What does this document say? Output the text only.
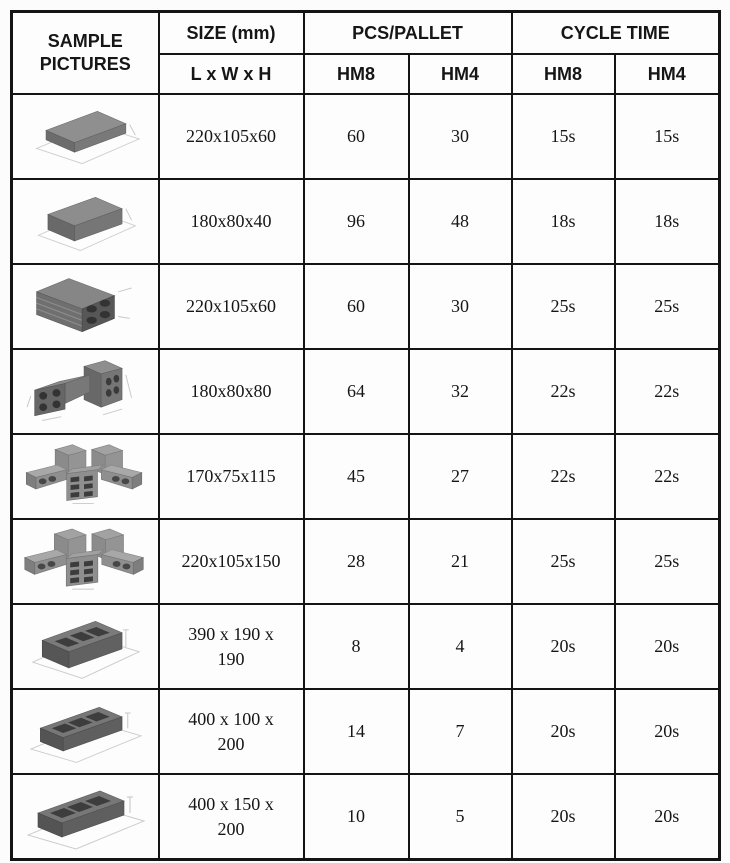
SAMPLE PICTURES	SIZE (mm)	PCS/PALLET		CYCLE TIME	
	L x W x H	HM8	HM4	HM8	HM4

	220x105x60	60	30	15s	15s

	180x80x40	96	48	18s	18s

	220x105x60	60	30	25s	25s

	180x80x80	64	32	22s	22s

	170x75x115	45	27	22s	22s

	220x105x150	28	21	25s	25s

	390 x 190 x 190	8	4	20s	20s

	400 x 100 x 200	14	7	20s	20s

	400 x 150 x 200	10	5	20s	20s
